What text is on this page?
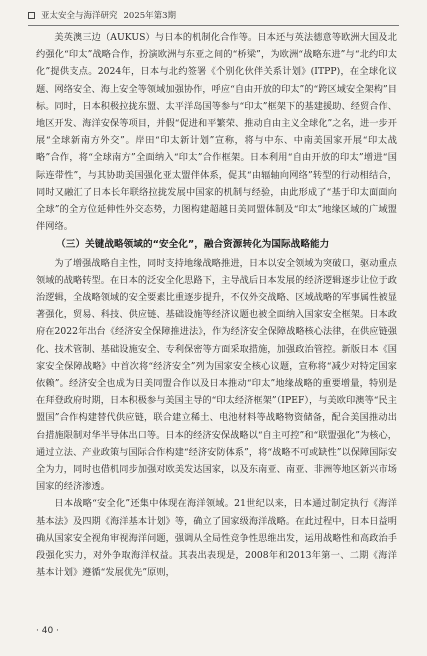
亚太安全与海洋研究 2025年第3期

美英澳三边（AUKUS）与日本的机制化合作等。日本还与英法德意等欧洲大国及北约强化“印太”战略合作，扮演欧洲与东亚之间的“桥梁”，为欧洲“战略东进”与“北约印太化”提供支点。2024年，日本与北约签署《个别化伙伴关系计划》(ITPP)，在全球化议题、网络安全、海上安全等领域加强协作，呼应“自由开放的印太”的“跨区域安全架构”目标。同时，日本积极拉拢东盟、太平洋岛国等参与“印太”框架下的基建援助、经贸合作、地区开发、海洋安保等项目，并假“促进和平繁荣、推动自由主义全球化”之名，进一步开展“全球新南方外交”。岸田“印太新计划”宣称，将与中东、中南美国家开展“印太战略”合作，将“全球南方”全面纳入“印太”合作框架。日本利用“自由开放的印太”增进“国际连带性”，与其协助美国强化亚太盟伴体系，促其“由辐轴向网络”转型的行动相结合，同时又融汇了日本长年联络拉拢发展中国家的机制与经验，由此形成了“基于印太面面向全球”的全方位延伸性外交态势，力图构建超越日美同盟体制及“印太”地缘区域的广域盟伴网络。

（三）关键战略领域的“安全化”，融合资源转化为国际战略能力

为了增强战略自主性，同时支持地缘战略推进，日本以安全领域为突破口，驱动重点领域的战略转型。在日本的泛安全化思路下，主导战后日本发展的经济逻辑逐步让位于政治逻辑，全战略领域的安全要素比重逐步提升，不仅外交战略、区域战略的军事属性被显著强化，贸易、科技、供应链、基础设施等经济议题也被全面纳入国家安全框架。日本政府在2022年出台《经济安全保障推进法》，作为经济安全保障战略核心法律，在供应链强化、技术管制、基础设施安全、专利保密等方面采取措施，加强政治管控。新版日本《国家安全保障战略》中首次将“经济安全”列为国家安全核心议题，宣称将“减少对特定国家依赖”。经济安全也成为日美同盟合作以及日本推动“印太”地缘战略的重要增量，特别是在拜登政府时期，日本积极参与美国主导的“印太经济框架”（IPEF），与美欧印澳等“民主盟国”合作构建替代供应链，联合建立稀土、电池材料等战略物资储备，配合美国推动出台措施限制对华半导体出口等。日本的经济安保战略以“自主可控”和“联盟强化”为核心，通过立法、产业政策与国际合作构建“经济安防体系”，将“战略不可或缺性”以保障国际安全为力，同时也借机同步加强对欧美发达国家，以及东南亚、南亚、非洲等地区新兴市场国家的经济渗透。

日本战略“安全化”还集中体现在海洋领域。21世纪以来，日本通过制定执行《海洋基本法》及四期《海洋基本计划》等，确立了国家级海洋战略。在此过程中，日本日益明确从国家安全视角审视海洋问题，强调从全局性竞争性思维出发，运用战略性和高政治手段强化实力，对外争取海洋权益。其表出表现是，2008年和2013年第一、二期《海洋基本计划》遵循“发展优先”原则，

· 40 ·
